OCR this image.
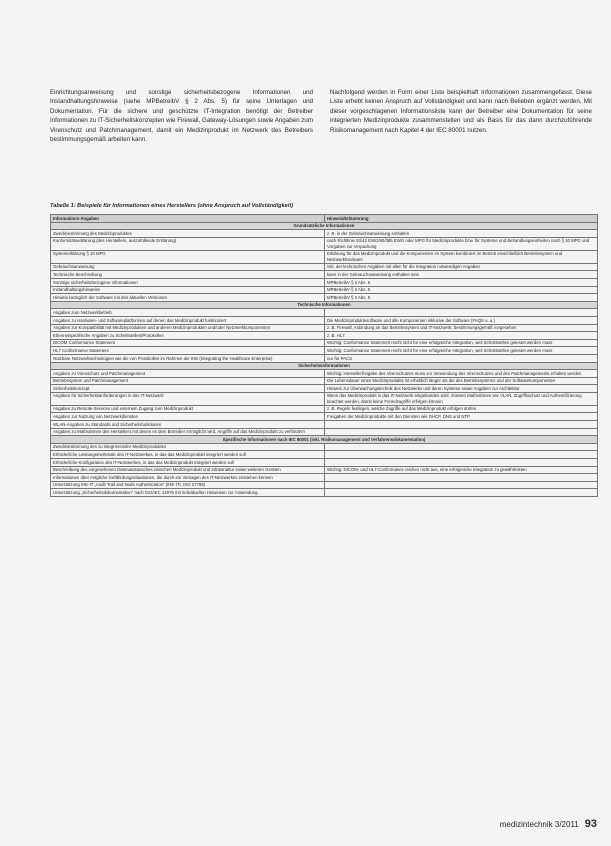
Einrichtungsanweisung und sonstige sicherheitsbezogene Informationen und Instandhaltungshinweise (siehe MPBetreibV § 2 Abs. 5) für seine Unterlagen und Dokumentation. Für die sichere und geschützte IT-Integration benötigt der Betreiber Informationen zu IT-Sicherheitskonzepten wie Firewall, Gateway-Lösungen sowie Angaben zum Virenschutz und Patchmanagement, damit ein Medizinprodukt im Netzwerk des Betreibers bestimmungsgemäß arbeiten kann.
Nachfolgend werden in Form einer Liste beispielhaft Informationen zusammengefasst. Diese Liste erhebt keinen Anspruch auf Vollständigkeit und kann nach Belieben ergänzt werden. Mit dieser vorgeschlagenen Informationsliste kann der Betreiber eine Dokumentation für seine integrierten Medizinprodukte zusammenstellen und als Basis für das dann durchzuführende Risikomanagement nach Kapitel 4 der IEC 80001 nutzen.
Tabelle 1: Beispiele für Informationen eines Herstellers (ohne Anspruch auf Vollständigkeit)
Informations-Angaben	Hinweis/Erläuterung
Grundsätzliche Informationen	
Zweckbestimmung des Medizinproduktes	z. B. in der Gebrauchsanweisung enthalten
Konformitätserklärung (des Herstellers, auszufüllende Erklärung)	nach Richtlinie 93/42 EWG/90/385 EWG oder MPG für Medizinprodukte bzw. für Systeme und Behandlungseinheiten nach § 10 MPG und Vorgaben zur Verpackung
Systemerklärung § 10 MPG	Erklärung für das Medizinprodukt und die Komponenten im System kombiniert im Betrieb einschließlich Betriebssystem und Netzwerkhardware
Gebrauchsanweisung	inkl. der technischen Angaben mit allen für die Integration notwendigen Angaben
Technische Beschreibung	kann in der Gebrauchsanweisung enthalten sein
Sonstige sicherheitsbezogene Informationen	MPBetreibV § 2 Abs. 5
Instandhaltungshinweise	MPBetreibV § 2 Abs. 5
Hinweis bezüglich der Software mit den aktuellen Versionen	MPBetreibV § 2 Abs. 5
Technische Informationen	
Angaben zum Netzwerkbetrieb	
Angaben zu Hardware- und Softwareplattformen auf denen das Medizinprodukt funktioniert	Die Medizinproduktesoftware und alle Komponenten inklusive der Software (FAQS u. a.)
Angaben zur Kompatibilität mit Medizinprodukten und anderen Medizinprodukten und/oder Netzwerkkomponenten	z. B. Firewall, Anbindung an das Betriebssystem und IT-Netzwerk, bestimmungsgemäß vorgesehen
Ethernetspezifische Angaben zu Schnittstellen/Protokollen	z. B. HL7
DICOM Conformance Statement	Wichtig: Conformance Statement reicht nicht für eine erfolgreiche Integration, weil Schnittstellen getestet werden muss
HL7 Conformance Statement	Wichtig: Conformance Statement reicht nicht für eine erfolgreiche Integration, weil Schnittstellen getestet werden muss
Nutzbare Netzwerktechnologien wie die von Protokollen im Rahmen der IHE (Integrating the Healthcare Enterprise)	nur für PACS
Sicherheitsinformationen	
Angaben zu Virenschutz und Patchmanagement	Wichtig: Herstellerfreigabe des Virenschutzes muss vor Verwendung des Virenschutzes und des Patchmanagements erhalten werden
Betriebssystem und Patchmanagement	Die Lebensdauer eines Medizinprodukts ist erheblich länger als die des Betriebssystems und der Softwarekomponenten
Sicherheitskonzept	Hinweis zur Überwachungstechnik des Netzwerks und deren Systeme sowie Angaben zur Architektur
Angaben für Sicherheitsanforderungen in das IT-Netzwerk	Wenn das Medizinprodukt in das IT-Netzwerk eingebunden wird, müssen Maßnahmen wie VLAN, Zugriffsschutz und Authentifizierung beachtet werden, damit keine Fremdzugriffe erfolgen können
Angaben zu Remote-Services und externem Zugang zum Medizinprodukt	z. B. Regeln festlegen, welche Zugriffe auf das Medizinprodukt erfolgen dürfen
Angaben zur Nutzung von Netzwerkdiensten	Freigaben der Medizinprodukte mit den Diensten wie DHCP, DNS und NTP
WLAN-Angaben zu Standards und Sicherheitsfunktionen	
Angaben zu Maßnahmen des Herstellers mit denen es dem Betreiber ermöglicht wird, Angriffe auf das Medizinprodukt zu verhindern	
Spezifische Informationen nach IEC 80001 (inkl. Risikomanagement und Verfahrensdokumentation)	
Zweckbestimmung des zu integrierenden Medizinproduktes	
Erforderliche Leistungsmerkmale des IT-Netzwerkes, in das das Medizinprodukt integriert werden soll	
Erforderliche Konfiguration des IT-Netzwerkes, in das das Medizinprodukt integriert werden soll	
Beschreibung des vorgesehenen Datenaustausches zwischen Medizinprodukt und Infrastruktur sowie weiteren Geräten	Wichtig: DICOM- und HL7-Conformance reichen nicht aus, eine erfolgreiche Integration zu gewährleisten
Informationen über mögliche Gefährdungssituationen, die durch ein Versagen des IT-Netzwerkes entstehen können	
Unterstützung IHE-IT „Audit Trail and Node Authentication“ (IHE-ITI, ISO 27799)	
Unterstützung „Sicherheitsdokumentation“ nach ISO/IEC 14976 mit individuellen Hinweisen zur Anwendung	
medizintechnik 3/2011 93
